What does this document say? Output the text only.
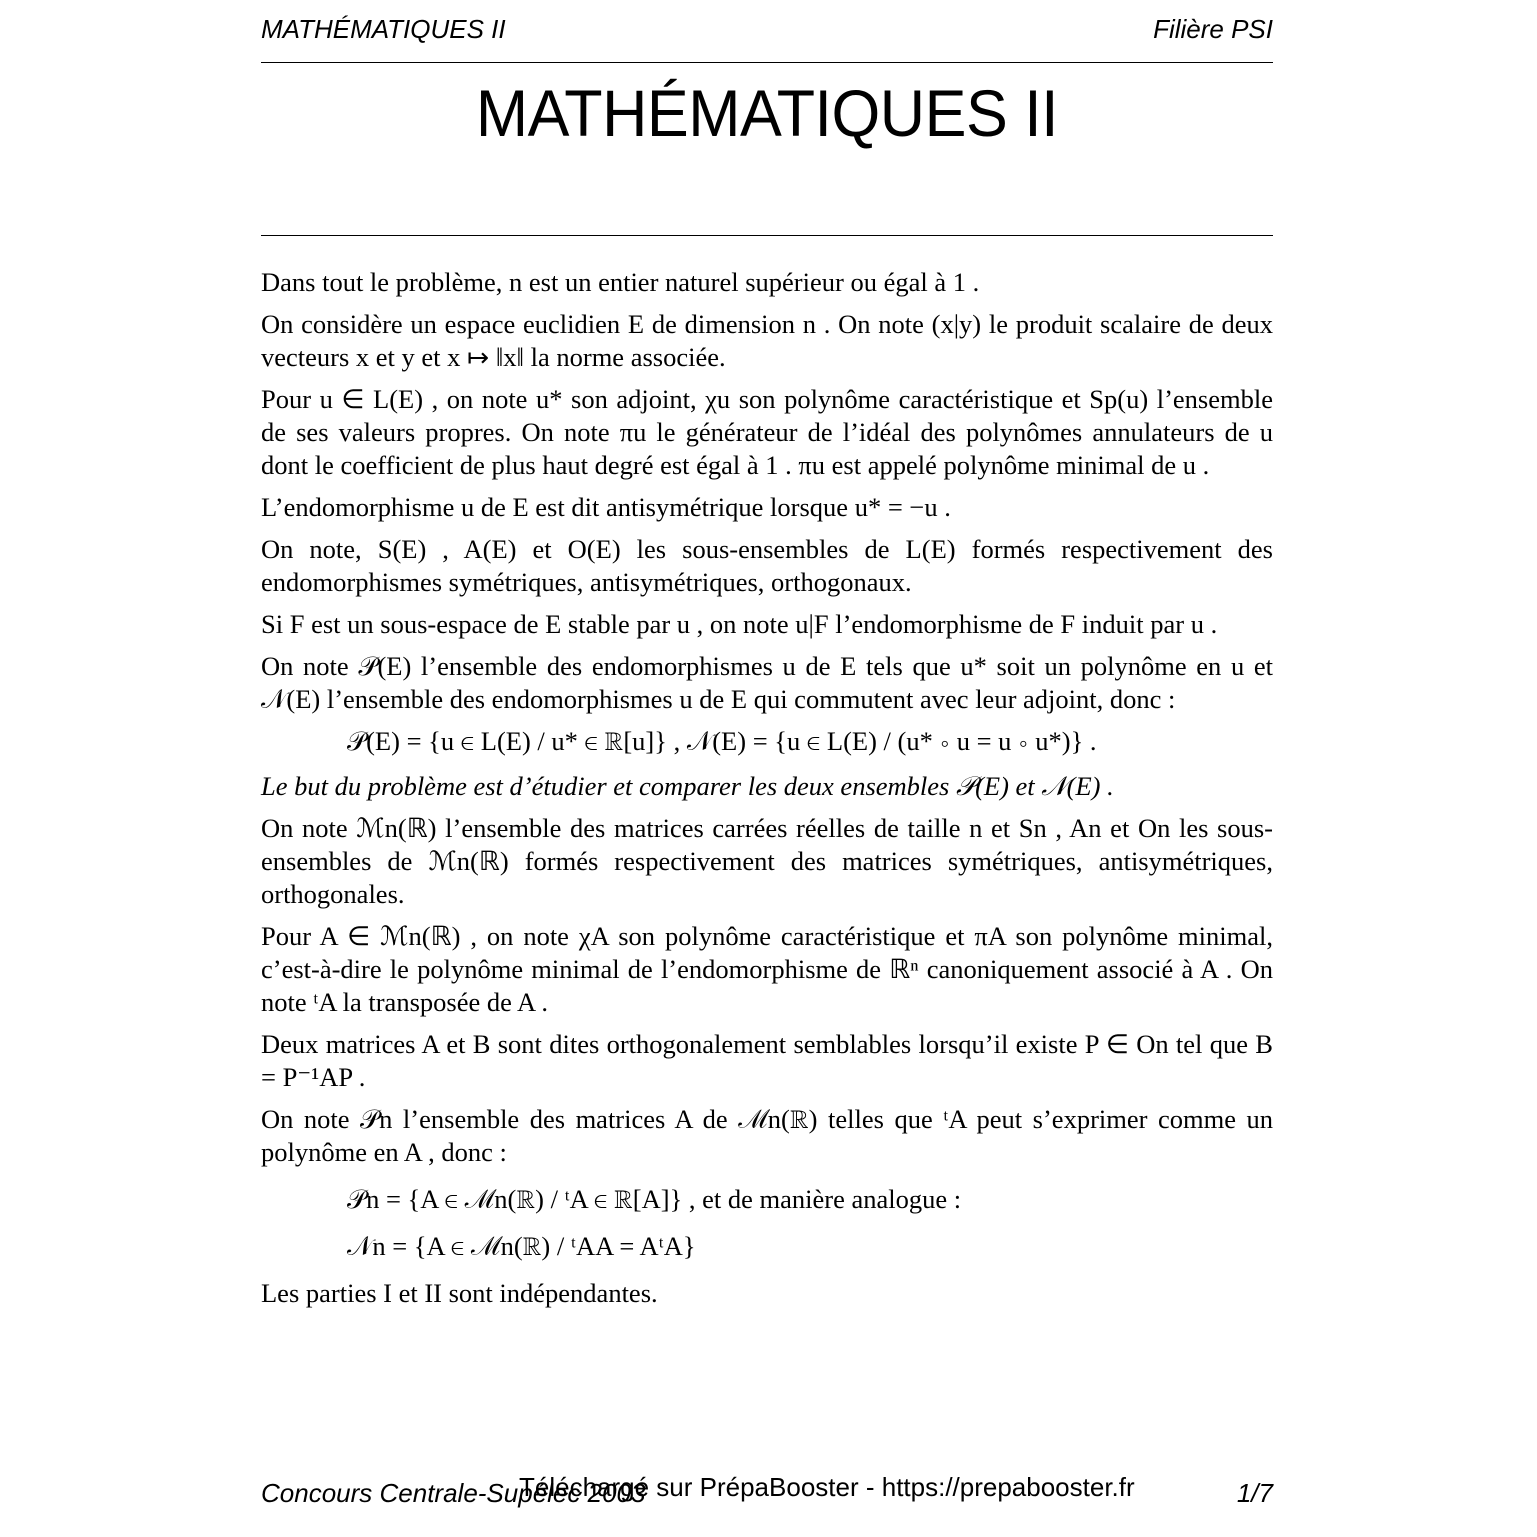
MATHÉMATIQUES II	Filière PSI
MATHÉMATIQUES II

Dans tout le problème, n est un entier naturel supérieur ou égal à 1 .

On considère un espace euclidien E de dimension n . On note (x|y) le produit scalaire de deux vecteurs x et y et x ↦ ‖x‖ la norme associée.

Pour u ∈ L(E) , on note u* son adjoint, χu son polynôme caractéristique et Sp(u) l’ensemble de ses valeurs propres. On note πu le générateur de l’idéal des polynômes annulateurs de u dont le coefficient de plus haut degré est égal à 1 . πu est appelé polynôme minimal de u .

L’endomorphisme u de E est dit antisymétrique lorsque u* = −u .

On note, S(E) , A(E) et O(E) les sous-ensembles de L(E) formés respectivement des endomorphismes symétriques, antisymétriques, orthogonaux.

Si F est un sous-espace de E stable par u , on note u|F l’endomorphisme de F induit par u .

On note 𝒫(E) l’ensemble des endomorphismes u de E tels que u* soit un polynôme en u et 𝒩(E) l’ensemble des endomorphismes u de E qui commutent avec leur adjoint, donc :

𝒫(E) = {u ∈ L(E) / u* ∈ ℝ[u]} , 𝒩(E) = {u ∈ L(E) / (u* ∘ u = u ∘ u*)} .

Le but du problème est d’étudier et comparer les deux ensembles 𝒫(E) et 𝒩(E) .

On note ℳn(ℝ) l’ensemble des matrices carrées réelles de taille n et Sn , An et On les sous-ensembles de ℳn(ℝ) formés respectivement des matrices symétriques, antisymétriques, orthogonales.

Pour A ∈ ℳn(ℝ) , on note χA son polynôme caractéristique et πA son polynôme minimal, c’est-à-dire le polynôme minimal de l’endomorphisme de ℝⁿ canoniquement associé à A . On note ᵗA la transposée de A .

Deux matrices A et B sont dites orthogonalement semblables lorsqu’il existe P ∈ On tel que B = P⁻¹AP .

On note 𝒫n l’ensemble des matrices A de ℳn(ℝ) telles que ᵗA peut s’exprimer comme un polynôme en A , donc :

𝒫n = {A ∈ ℳn(ℝ) / ᵗA ∈ ℝ[A]} , et de manière analogue :

𝒩n = {A ∈ ℳn(ℝ) / ᵗAA = AᵗA}

Les parties I et II sont indépendantes.

Concours Centrale-Supélec 2003
Téléchargé sur PrépaBooster - https://prepabooster.fr	1/7
